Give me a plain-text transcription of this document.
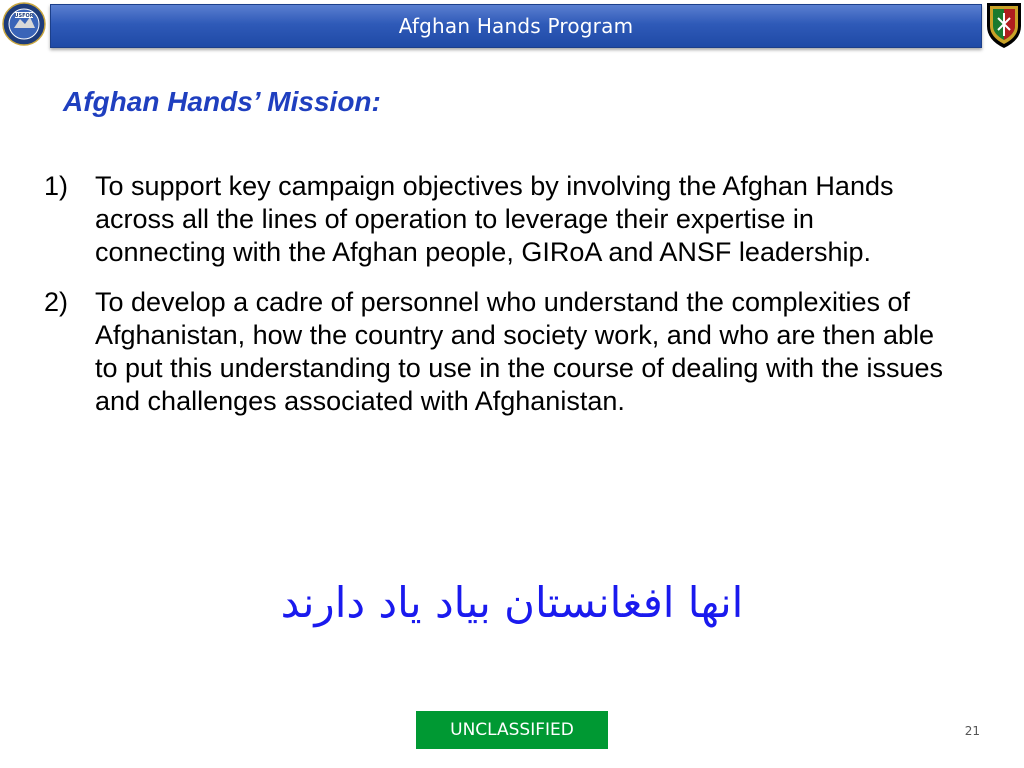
USFOR	Afghan Hands Program
Afghan Hands’ Mission:
1) To support key campaign objectives by involving the Afghan Hands across all the lines of operation to leverage their expertise in connecting with the Afghan people, GIRoA and ANSF leadership.
2) To develop a cadre of personnel who understand the complexities of Afghanistan, how the country and society work, and who are then able to put this understanding to use in the course of dealing with the issues and challenges associated with Afghanistan.
انها افغانستان بیاد یاد دارند
UNCLASSIFIED	21
